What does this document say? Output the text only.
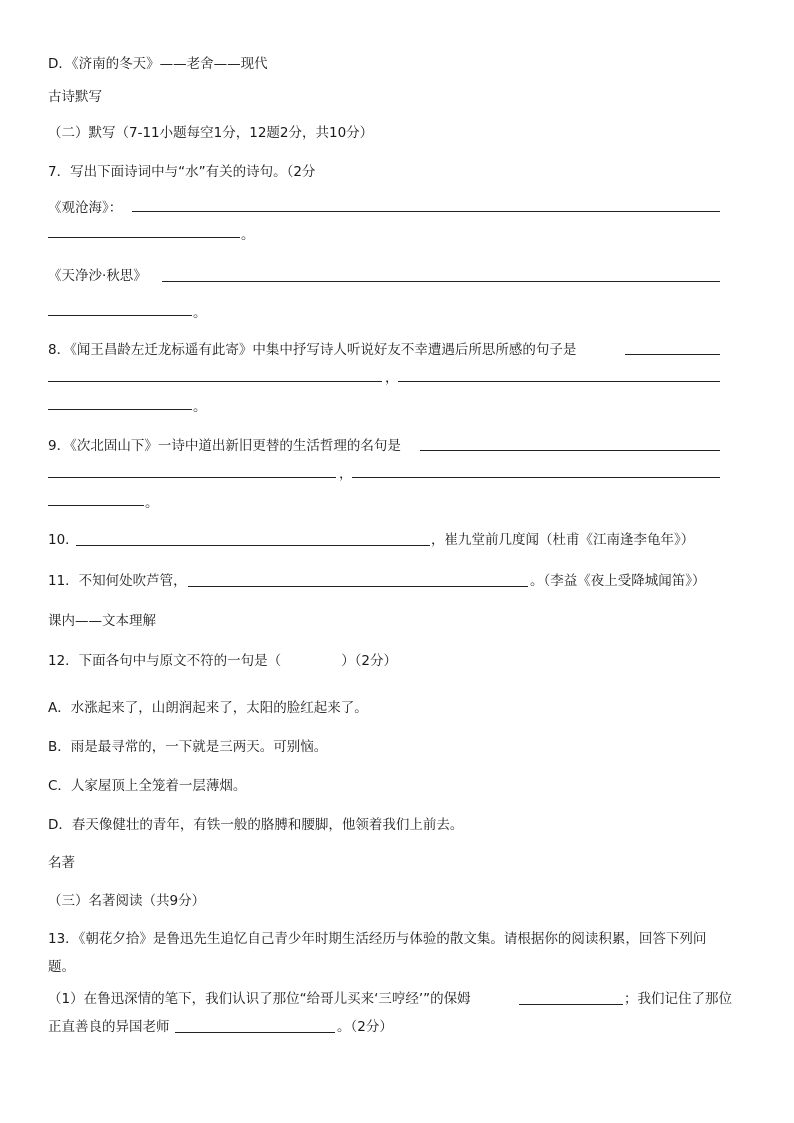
D．《济南的冬天》——老舍——现代
古诗默写
（二）默写（7-11小题每空1分，12题2分，共10分）
7．写出下面诗词中与“水”有关的诗句。（2分
《观沧海》：
。
《天净沙·秋思》
。
8．《闻王昌龄左迁龙标遥有此寄》中集中抒写诗人听说好友不幸遭遇后所思所感的句子是
，
。
9．《次北固山下》一诗中道出新旧更替的生活哲理的名句是
，
。
10．	，崔九堂前几度闻（杜甫《江南逢李龟年》）
11．不知何处吹芦管，	。（李益《夜上受降城闻笛》）
课内——文本理解
12．下面各句中与原文不符的一句是（	）（2分）
A．水涨起来了，山朗润起来了，太阳的脸红起来了。
B．雨是最寻常的，一下就是三两天。可别恼。
C．人家屋顶上全笼着一层薄烟。
D．春天像健壮的青年，有铁一般的胳膊和腰脚，他领着我们上前去。
名著
（三）名著阅读（共9分）
13．《朝花夕拾》是鲁迅先生追忆自己青少年时期生活经历与体验的散文集。请根据你的阅读积累，回答下列问
题。
（1）在鲁迅深情的笔下，我们认识了那位“给哥儿买来‘三哼经’”的保姆	；我们记住了那位
正直善良的异国老师	。（2分）
